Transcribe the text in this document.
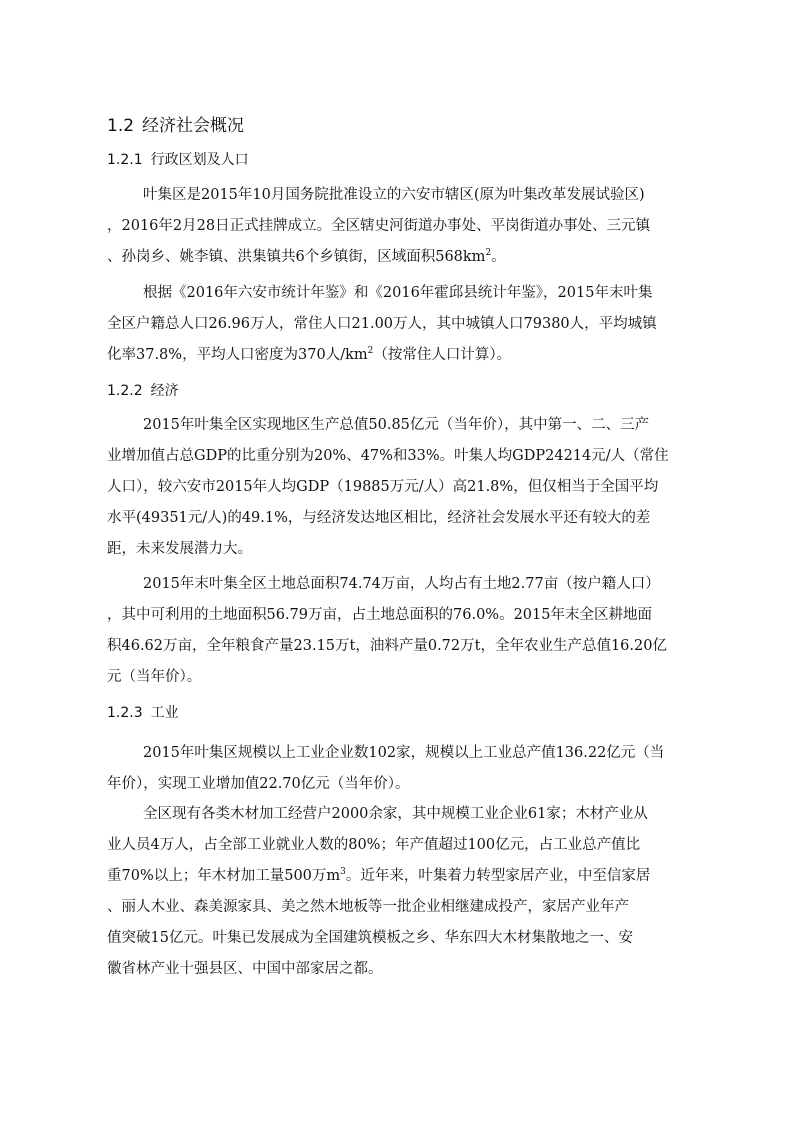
1.2 经济社会概况
1.2.1 行政区划及人口
叶集区是2015年10月国务院批准设立的六安市辖区(原为叶集改革发展试验区)
，2016年2月28日正式挂牌成立。全区辖史河街道办事处、平岗街道办事处、三元镇
、孙岗乡、姚李镇、洪集镇共6个乡镇街，区域面积$568km^2$。
根据《2016年六安市统计年鉴》和《2016年霍邱县统计年鉴》，2015年末叶集
全区户籍总人口26.96万人，常住人口21.00万人，其中城镇人口79380人，平均城镇
化率37.8%，平均人口密度为370人$/km^2$（按常住人口计算）。
1.2.2 经济
2015年叶集全区实现地区生产总值50.85亿元（当年价），其中第一、二、三产
业增加值占总GDP的比重分别为20%、47%和33%。叶集人均GDP24214元/人（常住
人口），较六安市2015年人均GDP（19885万元/人）高21.8%，但仅相当于全国平均
水平(49351元/人)的49.1%，与经济发达地区相比，经济社会发展水平还有较大的差
距，未来发展潜力大。
2015年末叶集全区土地总面积74.74万亩，人均占有土地2.77亩（按户籍人口）
，其中可利用的土地面积56.79万亩，占土地总面积的76.0%。2015年末全区耕地面
积46.62万亩，全年粮食产量23.15万t，油料产量0.72万t，全年农业生产总值16.20亿
元（当年价）。
1.2.3 工业
2015年叶集区规模以上工业企业数102家，规模以上工业总产值136.22亿元（当
年价），实现工业增加值22.70亿元（当年价）。
全区现有各类木材加工经营户2000余家，其中规模工业企业61家；木材产业从
业人员4万人，占全部工业就业人数的80%；年产值超过100亿元，占工业总产值比
重70%以上；年木材加工量500万$m^3$。近年来，叶集着力转型家居产业，中至信家居
、丽人木业、森美源家具、美之然木地板等一批企业相继建成投产，家居产业年产
值突破15亿元。叶集已发展成为全国建筑模板之乡、华东四大木材集散地之一、安
徽省林产业十强县区、中国中部家居之都。
